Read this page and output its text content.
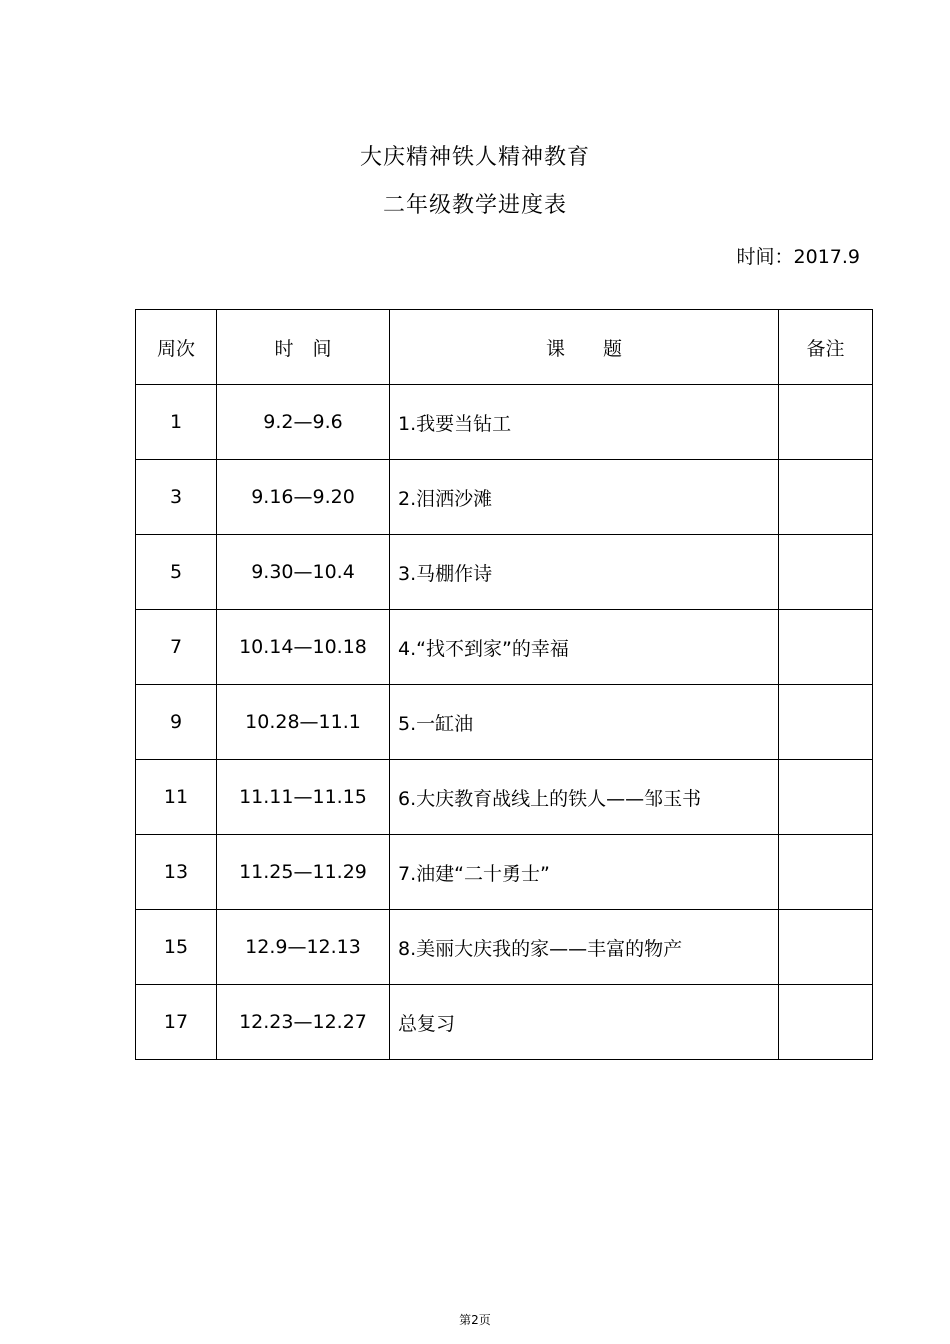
大庆精神铁人精神教育
二年级教学进度表
时间：2017.9
周次	时　间	课　　题	备注
1	9.2—9.6	1.我要当钻工	
3	9.16—9.20	2.泪洒沙滩	
5	9.30—10.4	3.马棚作诗	
7	10.14—10.18	4.“找不到家”的幸福	
9	10.28—11.1	5.一缸油	
11	11.11—11.15	6.大庆教育战线上的铁人——邹玉书	
13	11.25—11.29	7.油建“二十勇士”	
15	12.9—12.13	8.美丽大庆我的家——丰富的物产	
17	12.23—12.27	总复习	
第2页
